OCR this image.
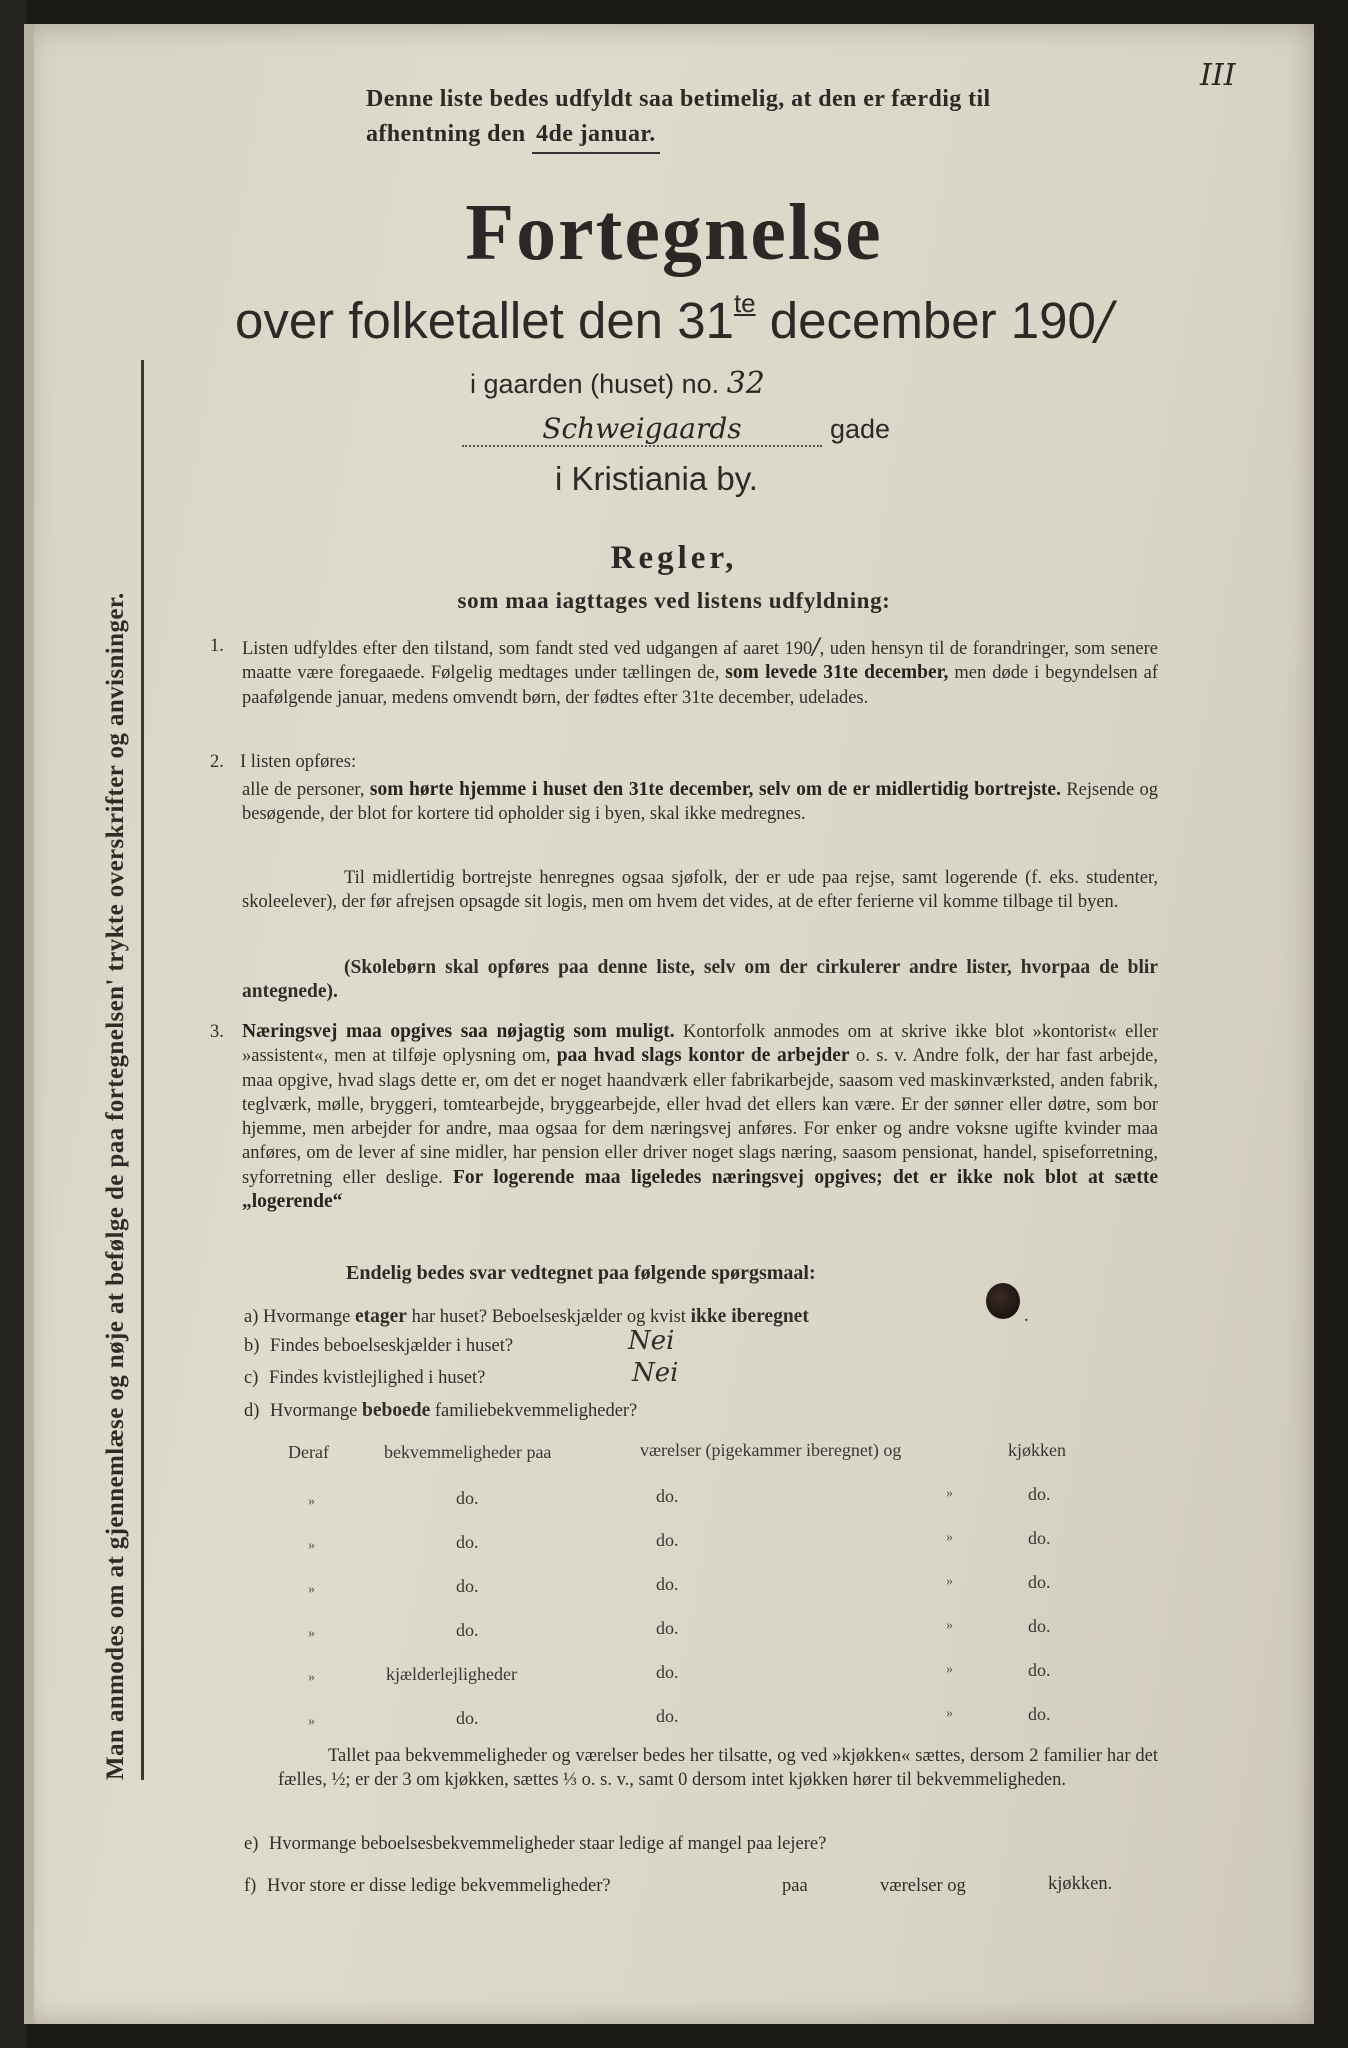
Man anmodes om at gjennemlæse og nøje at befølge de paa fortegnelsen' trykte overskrifter og anvisninger.
III
Denne liste bedes udfyldt saa betimelig, at den er færdig til
afhentning den 4de januar.
Fortegnelse
over folketallet den $31^{te}$ december 190/
i gaarden (huset) no. 32
Schweigaards	gade
i Kristiania by.
Regler,
som maa iagttages ved listens udfyldning:
1. Listen udfyldes efter den tilstand, som fandt sted ved udgangen af aaret 190/, uden hensyn til de forandringer, som senere maatte være foregaaede. Følgelig medtages under tællingen de, som levede 31te december, men døde i begyndelsen af paafølgende januar, medens omvendt børn, der fødtes efter 31te december, udelades.
2. I listen opføres:
alle de personer, som hørte hjemme i huset den 31te december, selv om de er midlertidig bortrejste. Rejsende og besøgende, der blot for kortere tid opholder sig i byen, skal ikke medregnes.
Til midlertidig bortrejste henregnes ogsaa sjøfolk, der er ude paa rejse, samt logerende (f. eks. studenter, skoleelever), der før afrejsen opsagde sit logis, men om hvem det vides, at de efter ferierne vil komme tilbage til byen.
(Skolebørn skal opføres paa denne liste, selv om der cirkulerer andre lister, hvorpaa de blir antegnede).
3. Næringsvej maa opgives saa nøjagtig som muligt. Kontorfolk anmodes om at skrive ikke blot »kontorist« eller »assistent«, men at tilføje oplysning om, paa hvad slags kontor de arbejder o. s. v. Andre folk, der har fast arbejde, maa opgive, hvad slags dette er, om det er noget haandværk eller fabrikarbejde, saasom ved maskinværksted, anden fabrik, teglværk, mølle, bryggeri, tomtearbejde, bryggearbejde, eller hvad det ellers kan være. Er der sønner eller døtre, som bor hjemme, men arbejder for andre, maa ogsaa for dem næringsvej anføres. For enker og andre voksne ugifte kvinder maa anføres, om de lever af sine midler, har pension eller driver noget slags næring, saasom pensionat, handel, spiseforretning, syforretning eller deslige. For logerende maa ligeledes næringsvej opgives; det er ikke nok blot at sætte „logerende“
Endelig bedes svar vedtegnet paa følgende spørgsmaal:
a) Hvormange etager har huset? Beboelseskjælder og kvist ikke iberegnet	.
b) Findes beboelseskjælder i huset?	Nei
c) Findes kvistlejlighed i huset?	Nei
d) Hvormange beboede familiebekvemmeligheder?
Deraf	bekvemmeligheder paa	værelser (pigekammer iberegnet) og	kjøkken
»	do.	do.	»	do.
»	do.	do.	»	do.
»	do.	do.	»	do.
»	do.	do.	»	do.
»	kjælderlejligheder	do.	»	do.
»	do.	do.	»	do.
Tallet paa bekvemmeligheder og værelser bedes her tilsatte, og ved »kjøkken« sættes, dersom 2 familier har det fælles, ½; er der 3 om kjøkken, sættes ⅓ o. s. v., samt 0 dersom intet kjøkken hører til bekvemmeligheden.
e) Hvormange beboelsesbekvemmeligheder staar ledige af mangel paa lejere?
f) Hvor store er disse ledige bekvemmeligheder?	paa	værelser og	kjøkken.
